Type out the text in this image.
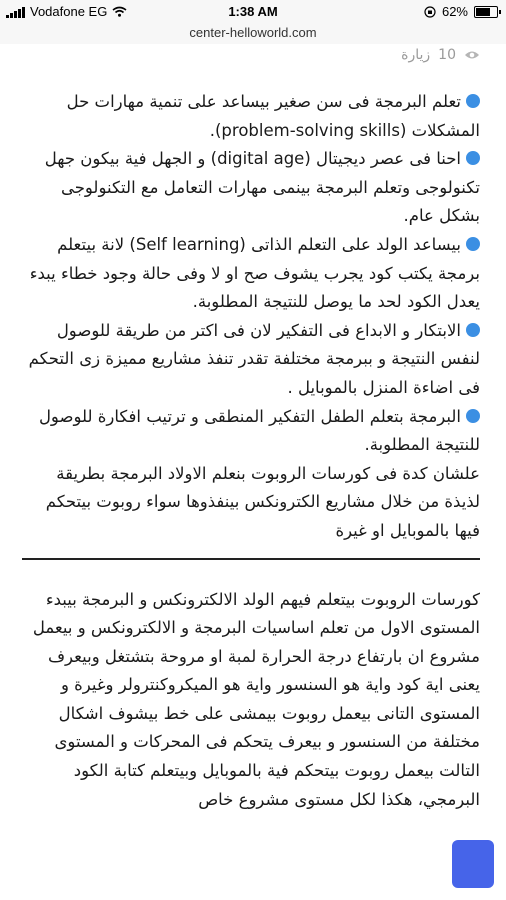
Vodafone EG	1:38 AM	62%
center-helloworld.com
10
زيارة

تعلم البرمجة فى سن صغير بيساعد على تنمية مهارات حل المشكلات (problem-solving skills).

احنا فى عصر ديجيتال (digital age) و الجهل فية بيكون جهل تكنولوجى وتعلم البرمجة بينمى مهارات التعامل مع التكنولوجى بشكل عام.

بيساعد الولد على التعلم الذاتى (Self learning) لانة بيتعلم برمجة يكتب كود يجرب يشوف صح او لا وفى حالة وجود خطاء يبدء يعدل الكود لحد ما يوصل للنتيجة المطلوبة.

الابتكار و الابداع فى التفكير لان فى اكتر من طريقة للوصول لنفس النتيجة و ببرمجة مختلفة تقدر تنفذ مشاريع مميزة زى التحكم فى اضاءة المنزل بالموبايل .

البرمجة بتعلم الطفل التفكير المنطقى و ترتيب افكارة للوصول للنتيجة المطلوبة.

علشان كدة فى كورسات الروبوت بنعلم الاولاد البرمجة بطريقة لذيذة من خلال مشاريع الكترونكس بينفذوها سواء روبوت بيتحكم فيها بالموبايل او غيرة

كورسات الروبوت بيتعلم فيهم الولد الالكترونكس و البرمجة بيبدء المستوى الاول من تعلم اساسيات البرمجة و الالكترونكس و بيعمل مشروع ان بارتفاع درجة الحرارة لمبة او مروحة بتشتغل وبيعرف يعنى اية كود واية هو السنسور واية هو الميكروكنترولر وغيرة و المستوى التانى بيعمل روبوت بيمشى على خط بيشوف اشكال مختلفة من السنسور و بيعرف يتحكم فى المحركات و المستوى التالت بيعمل روبوت بيتحكم فية بالموبايل وبيتعلم كتابة الكود البرمجي، هكذا لكل مستوى مشروع خاص
